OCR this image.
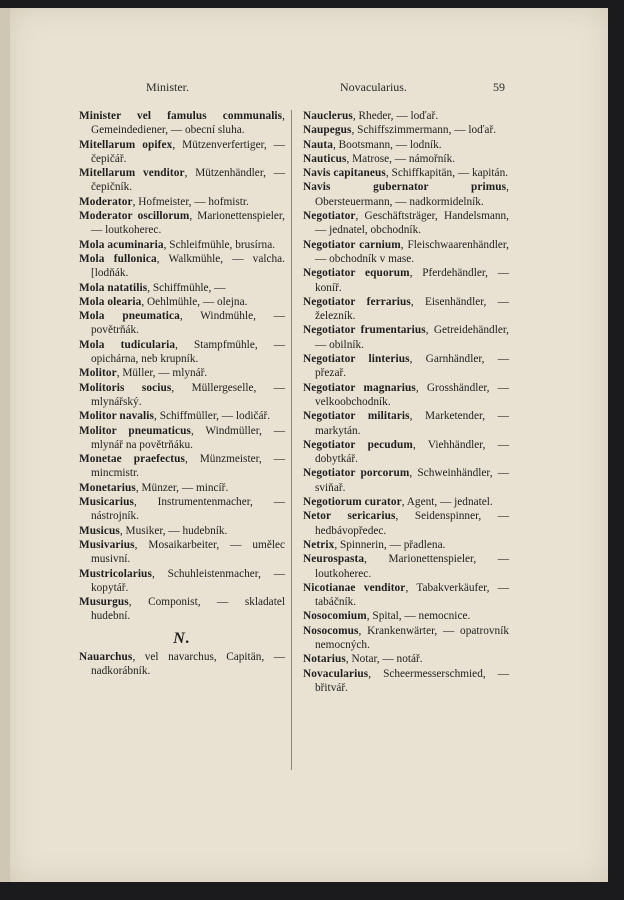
Minister.	Novacularius.	59
Minister vel famulus communalis, Gemeindediener, — obecní sluha.
Mitellarum opifex, Mützenverfertiger, — čepičář.
Mitellarum venditor, Mützenhändler, — čepičník.
Moderator, Hofmeister, — hofmistr.
Moderator oscillorum, Marionettenspieler, — loutkoherec.
Mola acuminaria, Schleifmühle, brusírna.
Mola fullonica, Walkmühle, — valcha. [lodňák.
Mola natatilis, Schiffmühle, —
Mola olearia, Oehlmühle, — olejna.
Mola pneumatica, Windmühle, — povětrňák.
Mola tudicularia, Stampfmühle, — opichárna, neb krupník.
Molitor, Müller, — mlynář.
Molitoris socius, Müllergeselle, — mlynářský.
Molitor navalis, Schiffmüller, — lodičář.
Molitor pneumaticus, Windmüller, — mlynář na povětrňáku.
Monetae praefectus, Münzmeister, — mincmistr.
Monetarius, Münzer, — mincíř.
Musicarius, Instrumentenmacher, — nástrojník.
Musicus, Musiker, — hudebník.
Musivarius, Mosaikarbeiter, — umělec musivní.
Mustricolarius, Schuhleistenmacher, — kopytář.
Musurgus, Componist, — skladatel hudební.
N.
Nauarchus, vel navarchus, Capitän, — nadkorábník.
Nauclerus, Rheder, — loďař.
Naupegus, Schiffszimmermann, — loďař.
Nauta, Bootsmann, — lodník.
Nauticus, Matrose, — námořník.
Navis capitaneus, Schiffkapitän, — kapitán.
Navis gubernator primus, Obersteuermann, — nadkormidelník.
Negotiator, Geschäftsträger, Handelsmann, — jednatel, obchodník.
Negotiator carnium, Fleischwaarenhändler, — obchodník v mase.
Negotiator equorum, Pferdehändler, — koníř.
Negotiator ferrarius, Eisenhändler, — železník.
Negotiator frumentarius, Getreidehändler, — obilník.
Negotiator linterius, Garnhändler, — přezař.
Negotiator magnarius, Grosshändler, — velkoobchodník.
Negotiator militaris, Marketender, — markytán.
Negotiator pecudum, Viehhändler, — dobytkář.
Negotiator porcorum, Schweinhändler, — sviňař.
Negotiorum curator, Agent, — jednatel.
Netor sericarius, Seidenspinner, — hedbávopředec.
Netrix, Spinnerin, — přadlena.
Neurospasta, Marionettenspieler, — loutkoherec.
Nicotianae venditor, Tabakverkäufer, — tabáčník.
Nosocomium, Spital, — nemocnice.
Nosocomus, Krankenwärter, — opatrovník nemocných.
Notarius, Notar, — notář.
Novacularius, Scheermesserschmied, — břitvář.
